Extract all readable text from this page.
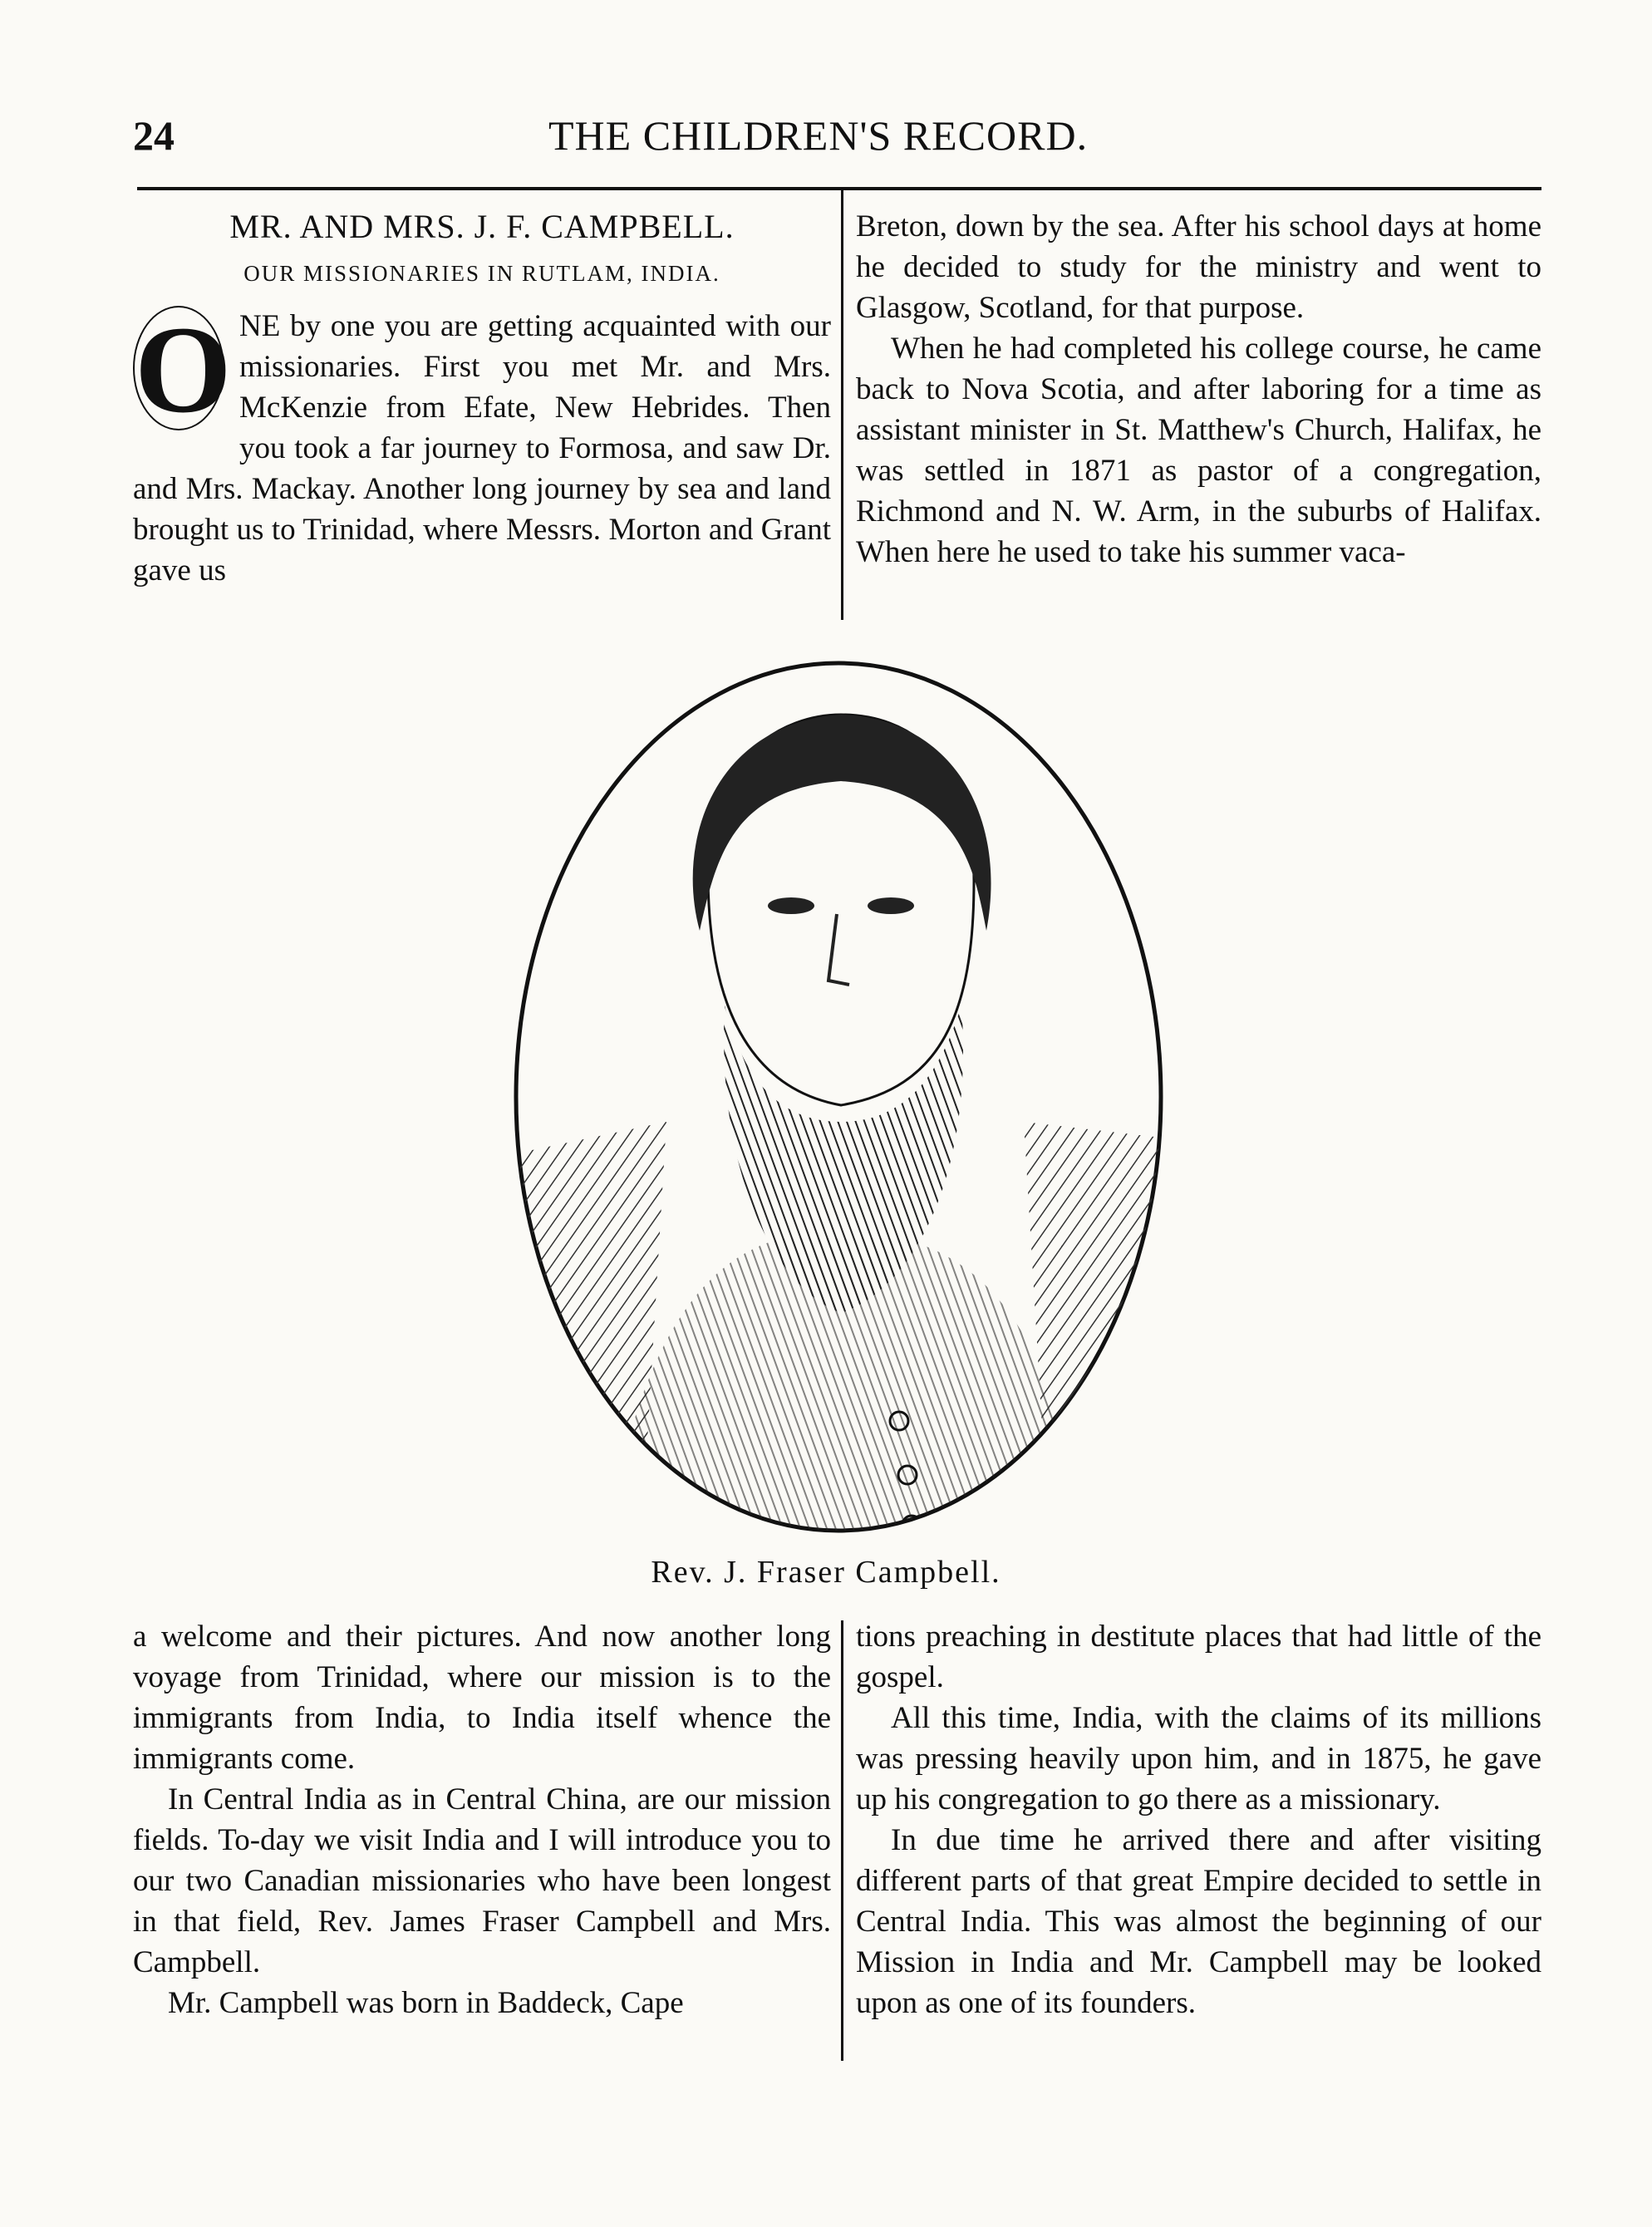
24	THE CHILDREN'S RECORD.

MR. AND MRS. J. F. CAMPBELL.

OUR MISSIONARIES IN RUTLAM, INDIA.

O NE by one you are getting acquainted with our missionaries. First you met Mr. and Mrs. McKenzie from Efate, New Hebrides. Then you took a far journey to Formosa, and saw Dr. and Mrs. Mackay. Another long journey by sea and land brought us to Trinidad, where Messrs. Morton and Grant gave us

Breton, down by the sea. After his school days at home he decided to study for the ministry and went to Glasgow, Scotland, for that purpose.

When he had completed his college course, he came back to Nova Scotia, and after laboring for a time as assistant minister in St. Matthew's Church, Halifax, he was settled in 1871 as pastor of a congregation, Richmond and N. W. Arm, in the suburbs of Halifax. When here he used to take his summer vaca-

Rev. J. Fraser Campbell.

a welcome and their pictures. And now another long voyage from Trinidad, where our mission is to the immigrants from India, to India itself whence the immigrants come.

In Central India as in Central China, are our mission fields. To-day we visit India and I will introduce you to our two Canadian missionaries who have been longest in that field, Rev. James Fraser Campbell and Mrs. Campbell.

Mr. Campbell was born in Baddeck, Cape

tions preaching in destitute places that had little of the gospel.

All this time, India, with the claims of its millions was pressing heavily upon him, and in 1875, he gave up his congregation to go there as a missionary.

In due time he arrived there and after visiting different parts of that great Empire decided to settle in Central India. This was almost the beginning of our Mission in India and Mr. Campbell may be looked upon as one of its founders.
